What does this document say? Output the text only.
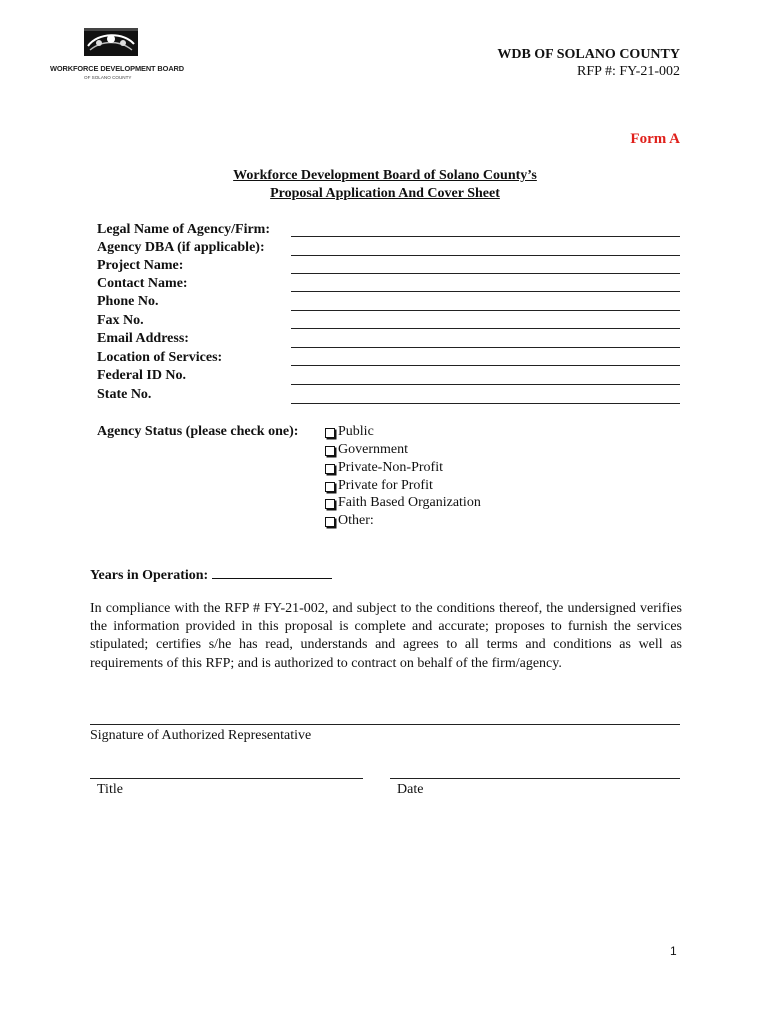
WORKFORCE DEVELOPMENT BOARD
OF SOLANO COUNTY
WDB OF SOLANO COUNTY
RFP #: FY-21-002
Form A
Workforce Development Board of Solano County’s
Proposal Application And Cover Sheet
Legal Name of Agency/Firm:
Agency DBA (if applicable):
Project Name:
Contact Name:
Phone No.
Fax No.
Email Address:
Location of Services:
Federal ID No.
State No.
Agency Status (please check one):	Public
Government
Private-Non-Profit
Private for Profit
Faith Based Organization
Other:
Years in Operation:
In compliance with the RFP # FY-21-002, and subject to the conditions thereof, the undersigned verifies the information provided in this proposal is complete and accurate; proposes to furnish the services stipulated; certifies s/he has read, understands and agrees to all terms and conditions as well as requirements of this RFP; and is authorized to contract on behalf of the firm/agency.
Signature of Authorized Representative
Title	Date
1
